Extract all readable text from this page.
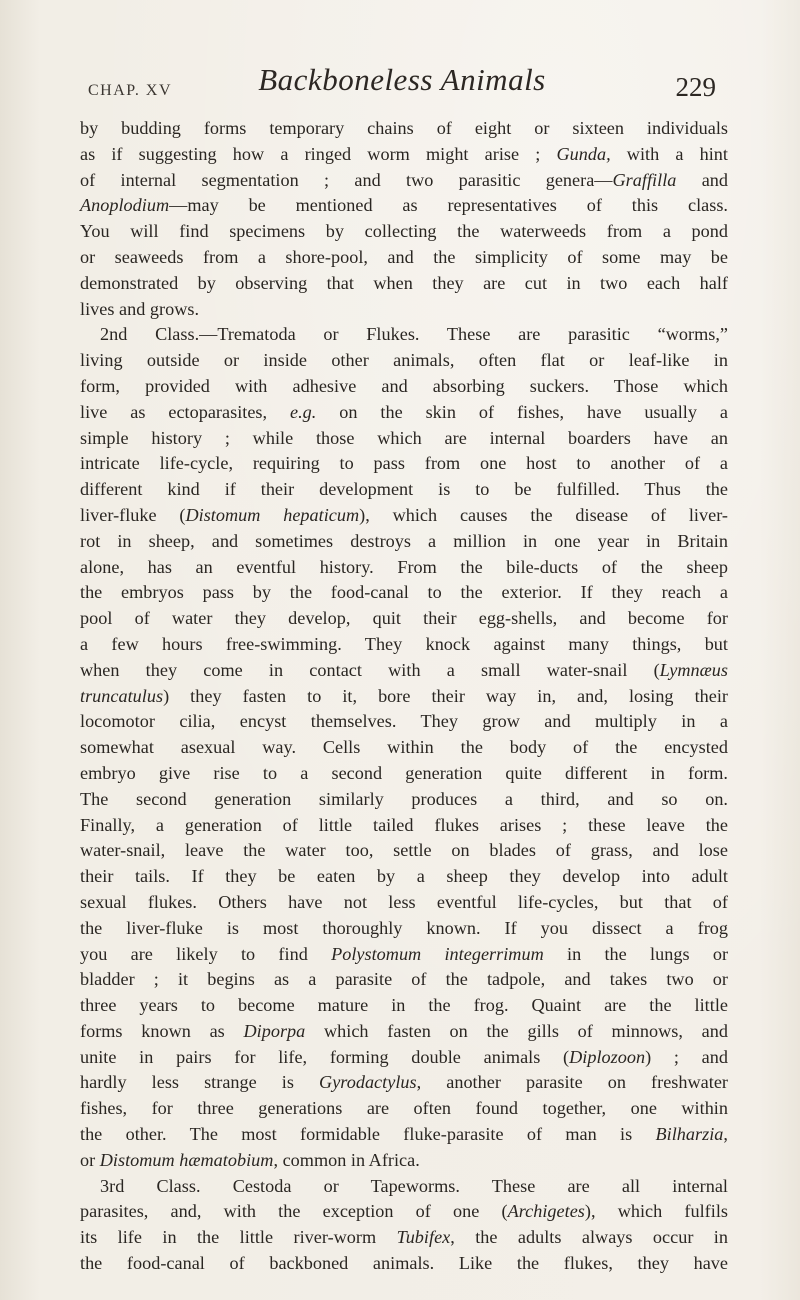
CHAP. XV	Backboneless Animals	229
by budding forms temporary chains of eight or sixteen individuals
as if suggesting how a ringed worm might arise ; Gunda, with a hint
of internal segmentation ; and two parasitic genera—Graffilla and
Anoplodium—may be mentioned as representatives of this class.
You will find specimens by collecting the waterweeds from a pond
or seaweeds from a shore-pool, and the simplicity of some may be
demonstrated by observing that when they are cut in two each half
lives and grows.
2nd Class.—Trematoda or Flukes. These are parasitic “worms,”
living outside or inside other animals, often flat or leaf-like in
form, provided with adhesive and absorbing suckers. Those which
live as ectoparasites, e.g. on the skin of fishes, have usually a
simple history ; while those which are internal boarders have an
intricate life-cycle, requiring to pass from one host to another of a
different kind if their development is to be fulfilled. Thus the
liver-fluke (Distomum hepaticum), which causes the disease of liver-
rot in sheep, and sometimes destroys a million in one year in Britain
alone, has an eventful history. From the bile-ducts of the sheep
the embryos pass by the food-canal to the exterior. If they reach a
pool of water they develop, quit their egg-shells, and become for
a few hours free-swimming. They knock against many things, but
when they come in contact with a small water-snail (Lymnæus
truncatulus) they fasten to it, bore their way in, and, losing their
locomotor cilia, encyst themselves. They grow and multiply in a
somewhat asexual way. Cells within the body of the encysted
embryo give rise to a second generation quite different in form.
The second generation similarly produces a third, and so on.
Finally, a generation of little tailed flukes arises ; these leave the
water-snail, leave the water too, settle on blades of grass, and lose
their tails. If they be eaten by a sheep they develop into adult
sexual flukes. Others have not less eventful life-cycles, but that of
the liver-fluke is most thoroughly known. If you dissect a frog
you are likely to find Polystomum integerrimum in the lungs or
bladder ; it begins as a parasite of the tadpole, and takes two or
three years to become mature in the frog. Quaint are the little
forms known as Diporpa which fasten on the gills of minnows, and
unite in pairs for life, forming double animals (Diplozoon) ; and
hardly less strange is Gyrodactylus, another parasite on freshwater
fishes, for three generations are often found together, one within
the other. The most formidable fluke-parasite of man is Bilharzia,
or Distomum hæmatobium, common in Africa.
3rd Class. Cestoda or Tapeworms. These are all internal
parasites, and, with the exception of one (Archigetes), which fulfils
its life in the little river-worm Tubifex, the adults always occur in
the food-canal of backboned animals. Like the flukes, they have
